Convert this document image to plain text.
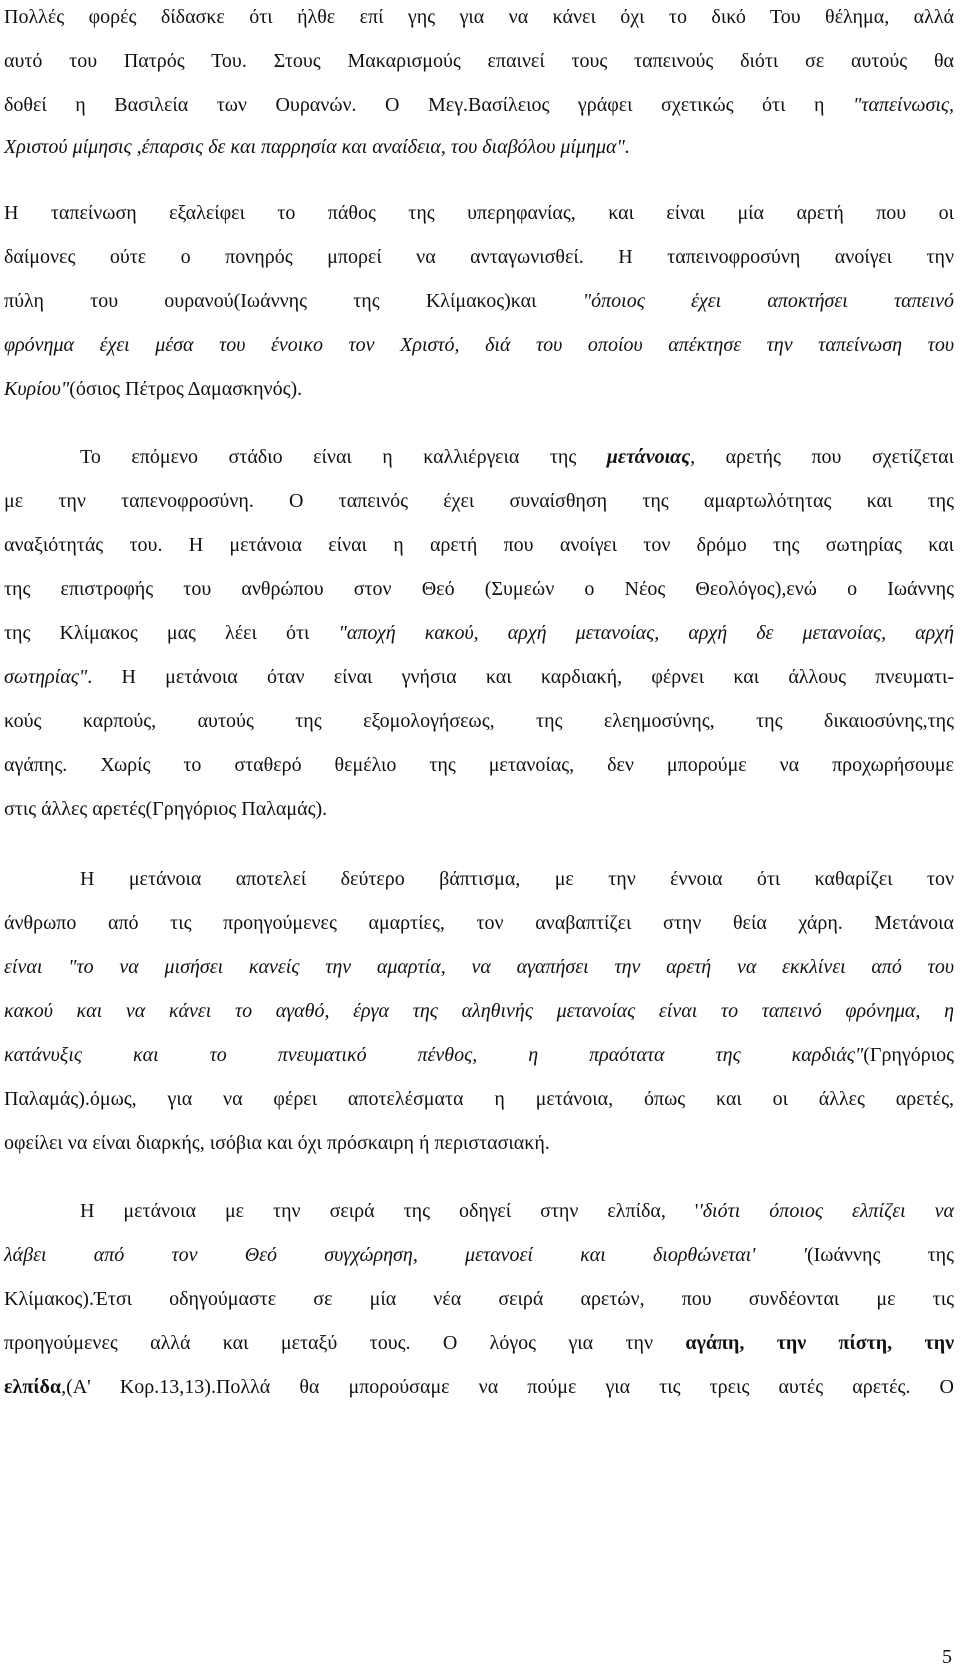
Πολλές φορές δίδασκε ότι ήλθε επί γης για να κάνει όχι το δικό Του θέλημα, αλλά
αυτό του Πατρός Του. Στους Μακαρισμούς επαινεί τους ταπεινούς διότι σε αυτούς θα
δοθεί η Βασιλεία των Ουρανών. Ο Μεγ.Βασίλειος γράφει σχετικώς ότι η "ταπείνωσις,
Χριστού μίμησις ,έπαρσις δε και παρρησία και αναίδεια, του διαβόλου μίμημα".
Η ταπείνωση εξαλείφει το πάθος της υπερηφανίας, και είναι μία αρετή που οι
δαίμονες ούτε ο πονηρός μπορεί να ανταγωνισθεί. Η ταπεινοφροσύνη ανοίγει την
πύλη του ουρανού(Ιωάννης της Κλίμακος)και "όποιος έχει αποκτήσει ταπεινό
φρόνημα έχει μέσα του ένοικο τον Χριστό, διά του οποίου απέκτησε την ταπείνωση του
Κυρίου"(όσιος Πέτρος Δαμασκηνός).
Το επόμενο στάδιο είναι η καλλιέργεια της μετάνοιας, αρετής που σχετίζεται
με την ταπενοφροσύνη. Ο ταπεινός έχει συναίσθηση της αμαρτωλότητας και της
αναξιότητάς του. Η μετάνοια είναι η αρετή που ανοίγει τον δρόμο της σωτηρίας και
της επιστροφής του ανθρώπου στον Θεό (Συμεών ο Νέος Θεολόγος),ενώ ο Ιωάννης
της Κλίμακος μας λέει ότι "αποχή κακού, αρχή μετανοίας, αρχή δε μετανοίας, αρχή
σωτηρίας". Η μετάνοια όταν είναι γνήσια και καρδιακή, φέρνει και άλλους πνευματι-
κούς καρπούς, αυτούς της εξομολογήσεως, της ελεημοσύνης, της δικαιοσύνης,της
αγάπης. Χωρίς το σταθερό θεμέλιο της μετανοίας, δεν μπορούμε να προχωρήσουμε
στις άλλες αρετές(Γρηγόριος Παλαμάς).
Η μετάνοια αποτελεί δεύτερο βάπτισμα, με την έννοια ότι καθαρίζει τον
άνθρωπο από τις προηγούμενες αμαρτίες, τον αναβαπτίζει στην θεία χάρη. Μετάνοια
είναι "το να μισήσει κανείς την αμαρτία, να αγαπήσει την αρετή να εκκλίνει από του
κακού και να κάνει το αγαθό, έργα της αληθινής μετανοίας είναι το ταπεινό φρόνημα, η
κατάνυξις και το πνευματικό πένθος, η πραότατα της καρδιάς"(Γρηγόριος
Παλαμάς).όμως, για να φέρει αποτελέσματα η μετάνοια, όπως και οι άλλες αρετές,
οφείλει να είναι διαρκής, ισόβια και όχι πρόσκαιρη ή περιστασιακή.
Η μετάνοια με την σειρά της οδηγεί στην ελπίδα, ''διότι όποιος ελπίζει να
λάβει από τον Θεό συγχώρηση, μετανοεί και διορθώνεται' '(Ιωάννης της
Κλίμακος).Έτσι οδηγούμαστε σε μία νέα σειρά αρετών, που συνδέονται με τις
προηγούμενες αλλά και μεταξύ τους. Ο λόγος για την αγάπη, την πίστη, την
ελπίδα,(Α' Κορ.13,13).Πολλά θα μπορούσαμε να πούμε για τις τρεις αυτές αρετές. Ο
5
